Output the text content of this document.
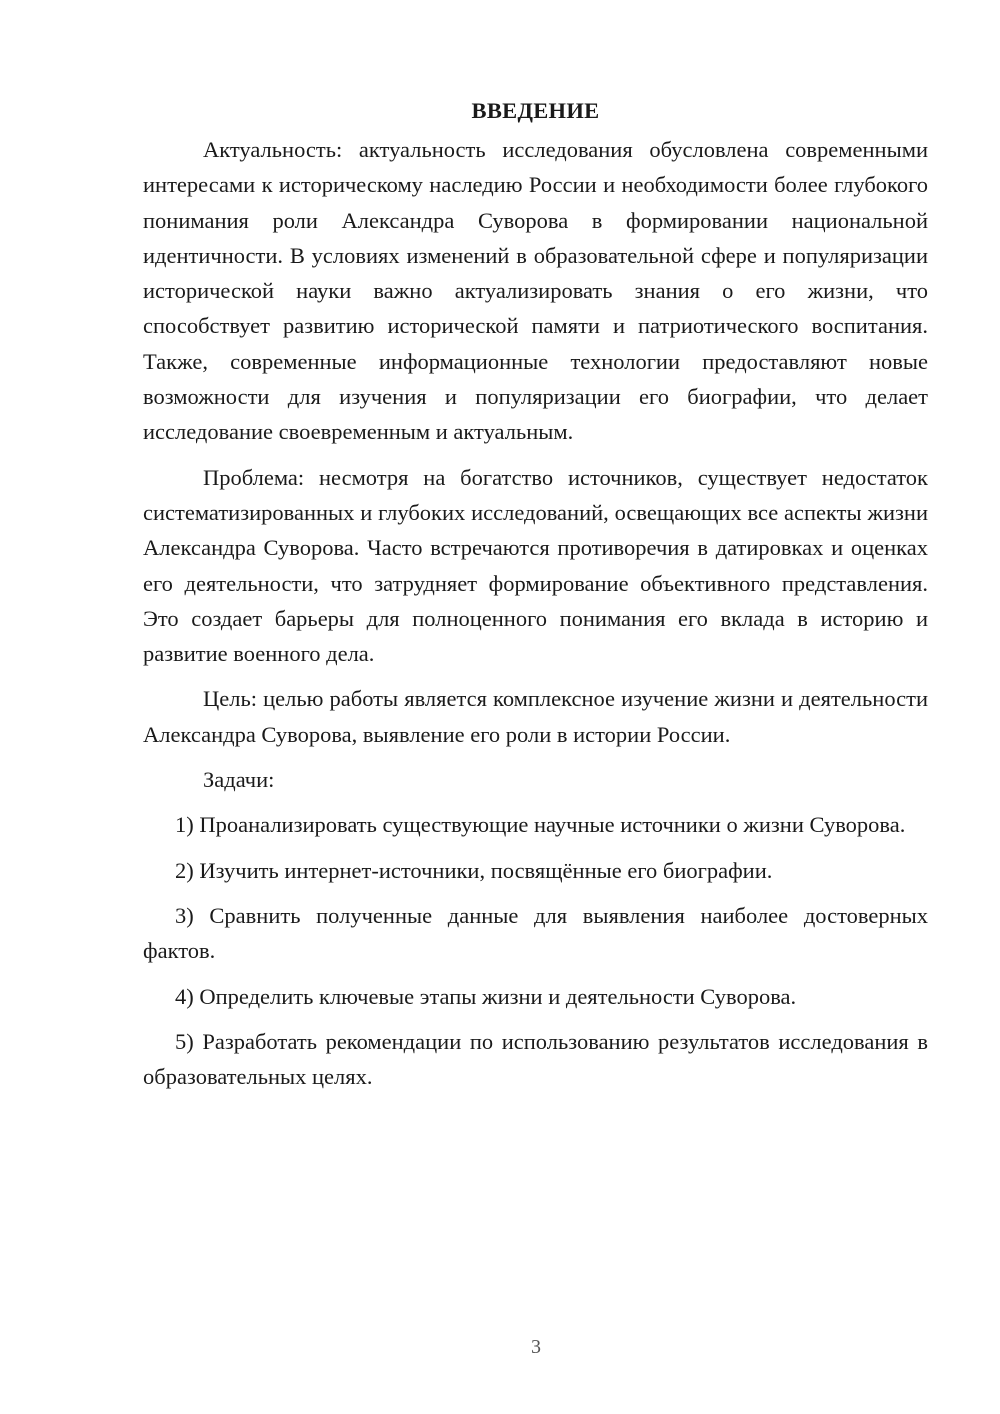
ВВЕДЕНИЕ

Актуальность: актуальность исследования обусловлена современными интересами к историческому наследию России и необходимости более глубокого понимания роли Александра Суворова в формировании национальной идентичности. В условиях изменений в образовательной сфере и популяризации исторической науки важно актуализировать знания о его жизни, что способствует развитию исторической памяти и патриотического воспитания. Также, современные информационные технологии предоставляют новые возможности для изучения и популяризации его биографии, что делает исследование своевременным и актуальным.

Проблема: несмотря на богатство источников, существует недостаток систематизированных и глубоких исследований, освещающих все аспекты жизни Александра Суворова. Часто встречаются противоречия в датировках и оценках его деятельности, что затрудняет формирование объективного представления. Это создает барьеры для полноценного понимания его вклада в историю и развитие военного дела.

Цель: целью работы является комплексное изучение жизни и деятельности Александра Суворова, выявление его роли в истории России.

Задачи:

1) Проанализировать существующие научные источники о жизни Суворова.

2) Изучить интернет-источники, посвящённые его биографии.

3) Сравнить полученные данные для выявления наиболее достоверных фактов.

4) Определить ключевые этапы жизни и деятельности Суворова.

5) Разработать рекомендации по использованию результатов исследования в образовательных целях.

3
